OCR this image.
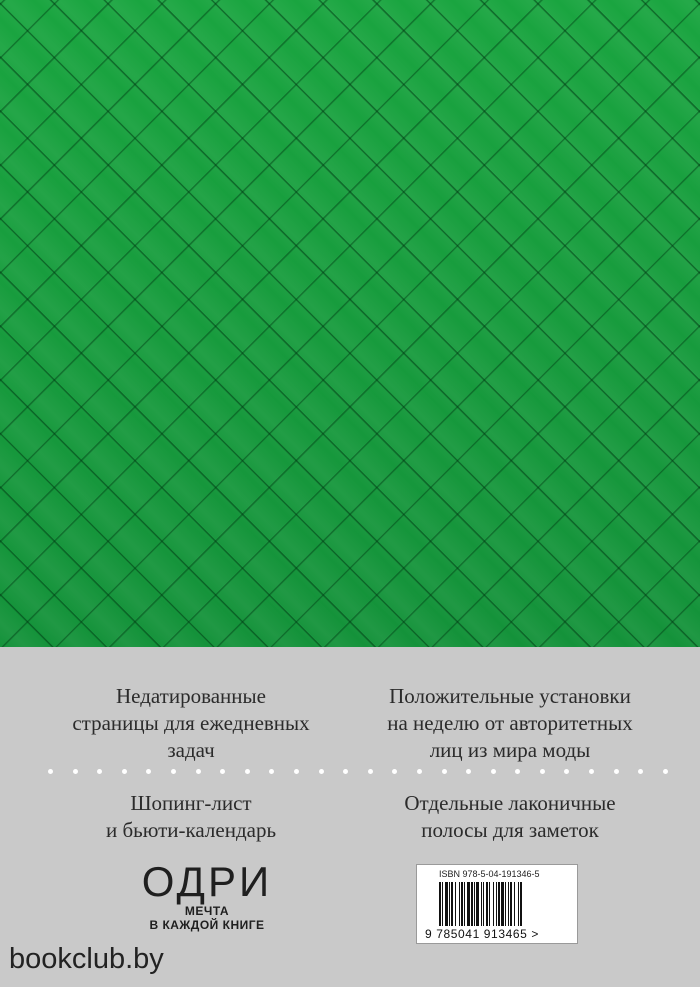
Недатированные
страницы для ежедневных
задач
Положительные установки
на неделю от авторитетных
лиц из мира моды
Шопинг-лист
и бьюти-календарь
Отдельные лаконичные
полосы для заметок
ОДРИ
МЕЧТА
В КАЖДОЙ КНИГЕ
ISBN 978-5-04-191346-5
9 785041 913465 >
bookclub.by
